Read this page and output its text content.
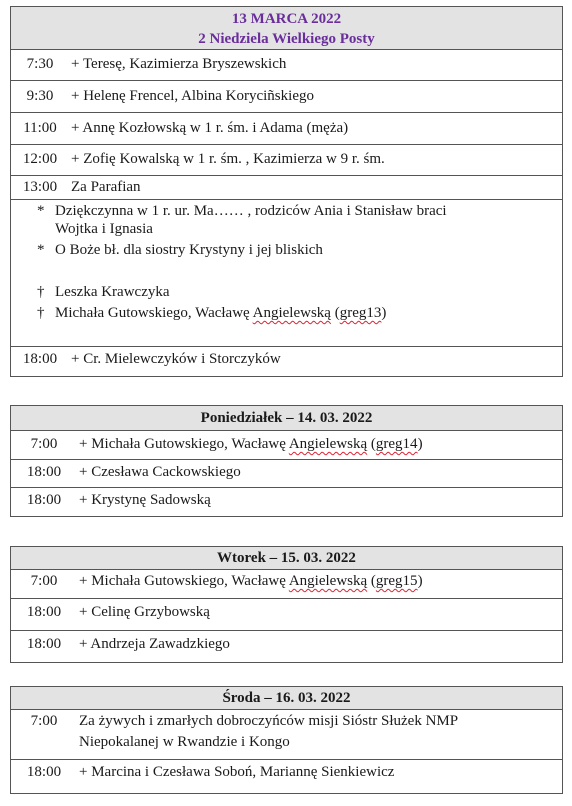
13 MARCA 2022
2 Niedziela Wielkiego Posty
7:30	+ Teresę, Kazimierza Bryszewskich
9:30	+ Helenę Frencel, Albina Koryciñskiego
11:00 + Annę Kozłowską w 1 r. śm. i Adama (męża)
12:00 + Zofię Kowalską w 1 r. śm. , Kazimierza w 9 r. śm.
13:00 Za Parafian
* Dziękczynna w 1 r. ur. Ma…… , rodziców Ania i Stanisław braci
Wojtka i Ignasia
* O Boże bł. dla siostry Krystyny i jej bliskich
† Leszka Krawczyka
† Michała Gutowskiego, Wacławę Angielewską (greg13)
18:00 + Cr. Mielewczyków i Storczyków
Poniedziałek – 14. 03. 2022
7:00	+ Michała Gutowskiego, Wacławę Angielewską (greg14)
18:00	+ Czesława Cackowskiego
18:00	+ Krystynę Sadowską
Wtorek – 15. 03. 2022
7:00	+ Michała Gutowskiego, Wacławę Angielewską (greg15)
18:00	+ Celinę Grzybowską
18:00	+ Andrzeja Zawadzkiego
Środa – 16. 03. 2022
7:00	Za żywych i zmarłych dobroczyńców misji Sióstr Służek NMP
Niepokalanej w Rwandzie i Kongo
18:00	+ Marcina i Czesława Soboń, Mariannę Sienkiewicz
